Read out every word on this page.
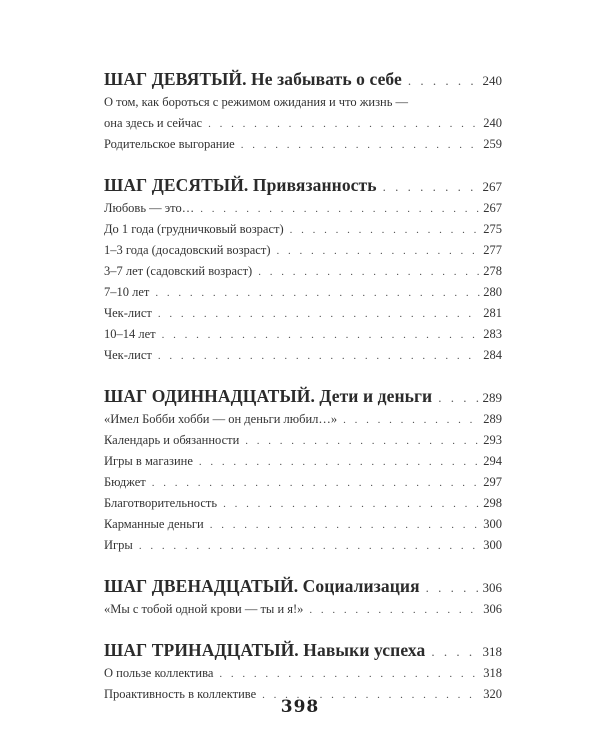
ШАГ ДЕВЯТЫЙ. Не забывать о себе . . .	240
О том, как бороться с режимом ожидания и что жизнь —
она здесь и сейчас . . .	240
Родительское выгорание . . .	259
ШАГ ДЕСЯТЫЙ. Привязанность . . .	267
Любовь — это… . . .	267
До 1 года (грудничковый возраст) . . .	275
1–3 года (досадовский возраст) . . .	277
3–7 лет (садовский возраст) . . .	278
7–10 лет . . .	280
Чек-лист . . .	281
10–14 лет . . .	283
Чек-лист . . .	284
ШАГ ОДИННАДЦАТЫЙ. Дети и деньги . . .	289
«Имел Бобби хобби — он деньги любил…» . . .	289
Календарь и обязанности . . .	293
Игры в магазине . . .	294
Бюджет . . .	297
Благотворительность . . .	298
Карманные деньги . . .	300
Игры . . .	300
ШАГ ДВЕНАДЦАТЫЙ. Социализация . . .	306
«Мы с тобой одной крови — ты и я!» . . .	306
ШАГ ТРИНАДЦАТЫЙ. Навыки успеха . . .	318
О пользе коллектива . . .	318
Проактивность в коллективе . . .	320
398
